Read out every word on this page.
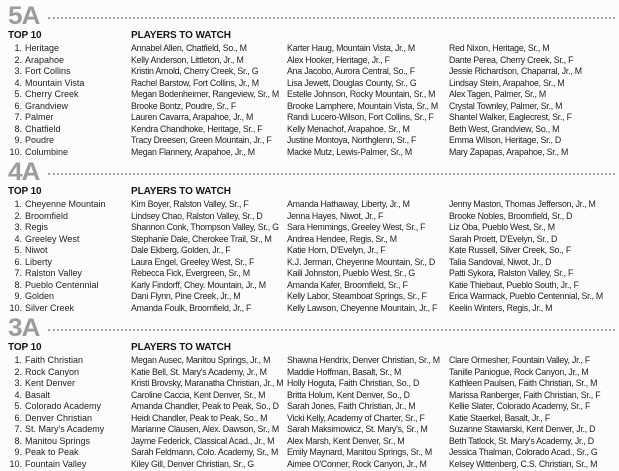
5A
TOP 10
1. Heritage
2. Arapahoe
3. Fort Collins
4. Mountain Vista
5. Cherry Creek
6. Grandview
7. Palmer
8. Chatfield
9. Poudre
10. Columbine
PLAYERS TO WATCH
Annabel Allen, Chatfield, So., M
Kelly Anderson, Littleton, Jr., M
Kristin Arnold, Cherry Creek, Sr., G
Rachel Barstow, Fort Collins, Jr., M
Megan Bodenheimer, Rangeview, Sr., M
Brooke Bontz, Poudre, Sr., F
Lauren Cavarra, Arapahoe, Jr., M
Kendra Chandhoke, Heritage, Sr., F
Tracy Dreesen, Green Mountain, Jr., F
Megan Flannery, Arapahoe, Jr., M
Karter Haug, Mountain Vista, Jr., M
Alex Hooker, Heritage, Jr., F
Ana Jacobo, Aurora Central, So., F
Lisa Jewett, Douglas County, Sr., G
Estelle Johnson, Rocky Mountain, Sr., M
Brooke Lamphere, Mountain Vista, Sr., M
Randi Lucero-Wilson, Fort Collins, Sr., F
Kelly Menachof, Arapahoe, Sr., M
Justine Montoya, Northglenn, Sr., F
Macke Mutz, Lewis-Palmer, Sr., M
Red Nixon, Heritage, Sr., M
Dante Perea, Cherry Creek, Sr., F
Jessie Richardson, Chaparral, Jr., M
Lindsay Stein, Arapahoe, Sr., M
Alex Tagen, Palmer, Sr., M
Crystal Townley, Palmer, Sr., M
Shantel Walker, Eaglecrest, Sr., F
Beth West, Grandview, So., M
Emma Wilson, Heritage, Sr., D
Mary Zapapas, Arapahoe, Sr., M
4A
TOP 10
1. Cheyenne Mountain
2. Broomfield
3. Regis
4. Greeley West
5. Niwot
6. Liberty
7. Ralston Valley
8. Pueblo Centennial
9. Golden
10. Silver Creek
PLAYERS TO WATCH
Kim Boyer, Ralston Valley, Sr., F
Lindsey Chao, Ralston Valley, Sr., D
Shannon Conk, Thompson Valley, Sr., G
Stephanie Dale, Cherokee Trail, Sr., M
Dale Ekberg, Golden, Jr., F
Laura Engel, Greeley West, Sr., F
Rebecca Fick, Evergreen, Sr., M
Karly Findorff, Chey. Mountain, Jr., M
Dani Flynn, Pine Creek, Jr., M
Amanda Foulk, Broomfield, Jr., F
Amanda Hathaway, Liberty, Jr., M
Jenna Hayes, Niwot, Jr., F
Sara Hemmings, Greeley West, Sr., F
Andrea Hendee, Regis, Sr., M
Katie Horn, D'Evelyn, Jr., F
K.J. Jerman, Cheyenne Mountain, Sr., D
Kaili Johnston, Pueblo West, Sr., G
Amanda Kafer, Broomfield, Sr., F
Kelly Labor, Steamboat Springs, Sr., F
Kelly Lawson, Cheyenne Mountain, Jr., F
Jenny Maston, Thomas Jefferson, Jr., M
Brooke Nobles, Broomfield, Sr., D
Liz Oba, Pueblo West, Sr., M
Sarah Proett, D'Evelyn, Sr., D
Kate Russell, Silver Creek, So., F
Talia Sandoval, Niwot, Jr., D
Patti Sykora, Ralston Valley, Sr., F
Katie Thiebaut, Pueblo South, Jr., F
Erica Warmack, Pueblo Centennial, Sr., M
Keelin Winters, Regis, Jr., M
3A
TOP 10
1. Faith Christian
2. Rock Canyon
3. Kent Denver
4. Basalt
5. Colorado Academy
6. Denver Christian
7. St. Mary's Academy
8. Manitou Springs
9. Peak to Peak
10. Fountain Valley
PLAYERS TO WATCH
Megan Ausec, Manitou Springs, Jr., M
Katie Bell, St. Mary's Academy, Jr., M
Kristi Brovsky, Maranatha Christian, Jr., M
Caroline Caccia, Kent Denver, Sr., M
Amanda Chandler, Peak to Peak, So., D
Heidi Chandler, Peak to Peak, So., M
Marianne Clausen, Alex. Dawson, Sr., M
Jayme Federick, Classical Acad., Jr., M
Sarah Feldmann, Colo. Academy, Sr., M
Kiley Gill, Denver Christian, Sr., G
Shawna Hendrix, Denver Christian, Sr., M
Maddie Hoffman, Basalt, Sr., M
Holly Hoguta, Faith Christian, So., D
Britta Holum, Kent Denver, So., D
Sarah Jones, Faith Christian, Jr., M
Vicki Kelly, Academy of Charter, Sr., F
Sarah Maksimowicz, St. Mary's, Sr., M
Alex Marsh, Kent Denver, Sr., M
Emily Maynard, Manitou Springs, Sr., M
Aimee O'Conner, Rock Canyon, Jr., M
Clare Ormesher, Fountain Valley, Jr., F
Tanille Paniogue, Rock Canyon, Jr., M
Kathleen Paulsen, Faith Christian, Sr., M
Marissa Ranberger, Faith Christian, Sr., F
Kellie Slater, Colorado Academy, Sr., F
Katie Staerkel, Basalt, Jr., F
Suzanne Stawiarski, Kent Denver, Jr., D
Beth Tatlock, St. Mary's Academy, Jr., D
Jessica Thalman, Colorado Acad., Sr., G
Kelsey Wittenberg, C.S. Christian, Sr., M
